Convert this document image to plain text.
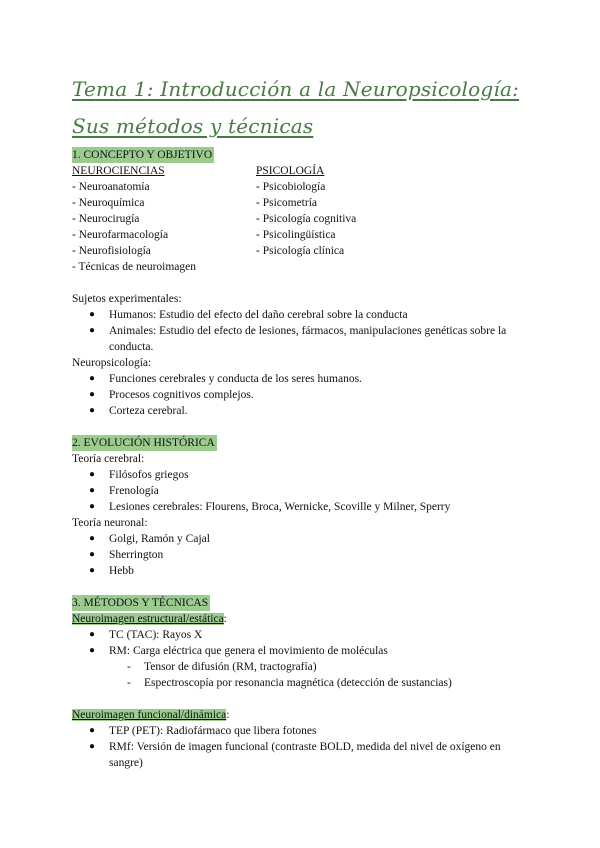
Tema 1: Introducción a la Neuropsicología:
Sus métodos y técnicas
1. CONCEPTO Y OBJETIVO
NEUROCIENCIAS
- Neuroanatomía
- Neuroquímica
- Neurocirugía
- Neurofarmacología
- Neurofisiología
- Técnicas de neuroimagen
PSICOLOGÍA
- Psicobiología
- Psicometría
- Psicología cognitiva
- Psicolingüística
- Psicología clínica
Sujetos experimentales:
● Humanos: Estudio del efecto del daño cerebral sobre la conducta
● Animales: Estudio del efecto de lesiones, fármacos, manipulaciones genéticas sobre la conducta.
Neuropsicología:
● Funciones cerebrales y conducta de los seres humanos.
● Procesos cognitivos complejos.
● Corteza cerebral.
2. EVOLUCIÓN HISTÓRICA
Teoría cerebral:
● Filósofos griegos
● Frenología
● Lesiones cerebrales: Flourens, Broca, Wernicke, Scoville y Milner, Sperry
Teoría neuronal:
● Golgi, Ramón y Cajal
● Sherrington
● Hebb
3. MÉTODOS Y TÉCNICAS
Neuroimagen estructural/estática:
● TC (TAC): Rayos X
● RM: Carga eléctrica que genera el movimiento de moléculas
- Tensor de difusión (RM, tractografía)
- Espectroscopía por resonancia magnética (detección de sustancias)
Neuroimagen funcional/dinámica:
● TEP (PET): Radiofármaco que libera fotones
● RMf: Versión de imagen funcional (contraste BOLD, medida del nivel de oxígeno en sangre)
